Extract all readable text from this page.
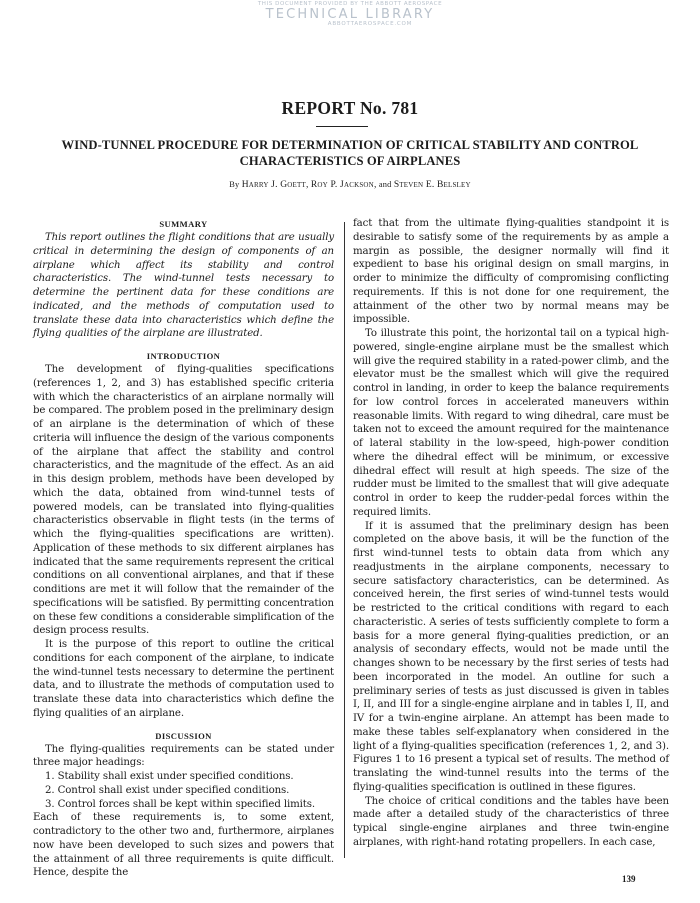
THIS DOCUMENT PROVIDED BY THE ABBOTT AEROSPACE
TECHNICAL LIBRARY
ABBOTTAEROSPACE.COM
REPORT No. 781
WIND-TUNNEL PROCEDURE FOR DETERMINATION OF CRITICAL STABILITY AND CONTROL
CHARACTERISTICS OF AIRPLANES
By Harry J. Goett, Roy P. Jackson, and Steven E. Belsley
SUMMARY

This report outlines the flight conditions that are usually critical in determining the design of components of an airplane which affect its stability and control characteristics. The wind-tunnel tests necessary to determine the pertinent data for these conditions are indicated, and the methods of computation used to translate these data into characteristics which define the flying qualities of the airplane are illustrated.

INTRODUCTION

The development of flying-qualities specifications (references 1, 2, and 3) has established specific criteria with which the characteristics of an airplane normally will be compared. The problem posed in the preliminary design of an airplane is the determination of which of these criteria will influence the design of the various components of the airplane that affect the stability and control characteristics, and the magnitude of the effect. As an aid in this design problem, methods have been developed by which the data, obtained from wind-tunnel tests of powered models, can be translated into flying-qualities characteristics observable in flight tests (in the terms of which the flying-qualities specifications are written). Application of these methods to six different airplanes has indicated that the same requirements represent the critical conditions on all conventional airplanes, and that if these conditions are met it will follow that the remainder of the specifications will be satisfied. By permitting concentration on these few conditions a considerable simplification of the design process results.

It is the purpose of this report to outline the critical conditions for each component of the airplane, to indicate the wind-tunnel tests necessary to determine the pertinent data, and to illustrate the methods of computation used to translate these data into characteristics which define the flying qualities of an airplane.

DISCUSSION

The flying-qualities requirements can be stated under three major headings:

1. Stability shall exist under specified conditions.

2. Control shall exist under specified conditions.

3. Control forces shall be kept within specified limits.

Each of these requirements is, to some extent, contradictory to the other two and, furthermore, airplanes now have been developed to such sizes and powers that the attainment of all three requirements is quite difficult. Hence, despite the

fact that from the ultimate flying-qualities standpoint it is desirable to satisfy some of the requirements by as ample a margin as possible, the designer normally will find it expedient to base his original design on small margins, in order to minimize the difficulty of compromising conflicting requirements. If this is not done for one requirement, the attainment of the other two by normal means may be impossible.

To illustrate this point, the horizontal tail on a typical high-powered, single-engine airplane must be the smallest which will give the required stability in a rated-power climb, and the elevator must be the smallest which will give the required control in landing, in order to keep the balance requirements for low control forces in accelerated maneuvers within reasonable limits. With regard to wing dihedral, care must be taken not to exceed the amount required for the maintenance of lateral stability in the low-speed, high-power condition where the dihedral effect will be minimum, or excessive dihedral effect will result at high speeds. The size of the rudder must be limited to the smallest that will give adequate control in order to keep the rudder-pedal forces within the required limits.

If it is assumed that the preliminary design has been completed on the above basis, it will be the function of the first wind-tunnel tests to obtain data from which any readjustments in the airplane components, necessary to secure satisfactory characteristics, can be determined. As conceived herein, the first series of wind-tunnel tests would be restricted to the critical conditions with regard to each characteristic. A series of tests sufficiently complete to form a basis for a more general flying-qualities prediction, or an analysis of secondary effects, would not be made until the changes shown to be necessary by the first series of tests had been incorporated in the model. An outline for such a preliminary series of tests as just discussed is given in tables I, II, and III for a single-engine airplane and in tables I, II, and IV for a twin-engine airplane. An attempt has been made to make these tables self-explanatory when considered in the light of a flying-qualities specification (references 1, 2, and 3). Figures 1 to 16 present a typical set of results. The method of translating the wind-tunnel results into the terms of the flying-qualities specification is outlined in these figures.

The choice of critical conditions and the tables have been made after a detailed study of the characteristics of three typical single-engine airplanes and three twin-engine airplanes, with right-hand rotating propellers. In each case,

139
